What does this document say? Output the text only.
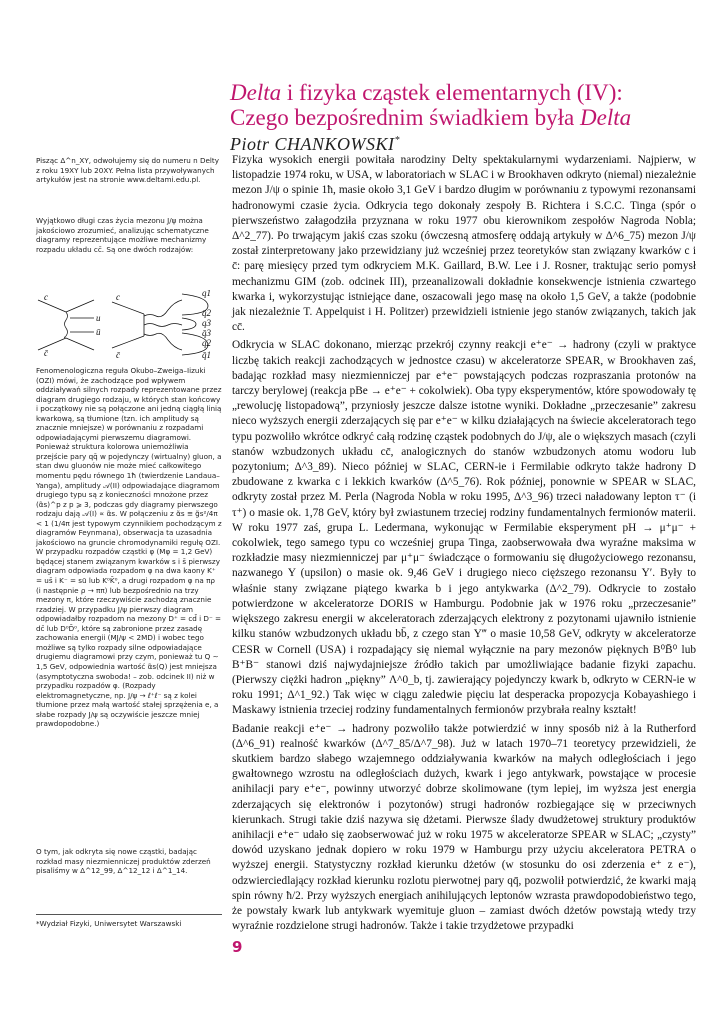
Delta i fizyka cząstek elementarnych (IV):
Czego bezpośrednim świadkiem była Delta
Piotr CHANKOWSKI*

Pisząc Δ^n_XY, odwołujemy się do numeru n Delty z roku 19XY lub 20XY. Pełna lista przywoływanych artykułów jest na stronie www.deltami.edu.pl.

Wyjątkowo długi czas życia mezonu J/ψ można jakościowo zrozumieć, analizując schematyczne diagramy reprezentujące możliwe mechanizmy rozpadu układu cc̄. Są one dwóch rodzajów:

c
c̄
u
ū
c
c̄
q1
q̄2
q3
q̄3
q2
q̄1

Fenomenologiczna reguła Okubo–Zweiga–Iizuki (OZI) mówi, że zachodzące pod wpływem oddziaływań silnych rozpady reprezentowane przez diagram drugiego rodzaju, w których stan końcowy i początkowy nie są połączone ani jedną ciągłą linią kwarkową, są tłumione (tzn. ich amplitudy są znacznie mniejsze) w porównaniu z rozpadami odpowiadającymi pierwszemu diagramowi. Ponieważ struktura kolorowa uniemożliwia przejście pary qq̄ w pojedynczy (wirtualny) gluon, a stan dwu gluonów nie może mieć całkowitego momentu pędu równego 1ħ (twierdzenie Landaua–Yanga), amplitudy 𝒜(II) odpowiadające diagramom drugiego typu są z konieczności mnożone przez (α̃s)^p z p ⩾ 3, podczas gdy diagramy pierwszego rodzaju dają 𝒜(I) ∝ α̃s. W połączeniu z α̃s ≡ g̃s²/4π < 1 (1/4π jest typowym czynnikiem pochodzącym z diagramów Feynmana), obserwacja ta uzasadnia jakościowo na gruncie chromodynamiki regułę OZI. W przypadku rozpadów cząstki φ (Mφ = 1,2 GeV) będącej stanem związanym kwarków s i s̄ pierwszy diagram odpowiada rozpadom φ na dwa kaony K⁺ = us̄ i K⁻ = sū lub K⁰K̄⁰, a drugi rozpadom φ na πρ (i następnie ρ → ππ) lub bezpośrednio na trzy mezony π, które rzeczywiście zachodzą znacznie rzadziej. W przypadku J/ψ pierwszy diagram odpowiadałby rozpadom na mezony D⁺ = cd̄ i D⁻ = dc̄ lub D⁰D̄⁰, które są zabronione przez zasadę zachowania energii (MJ/ψ < 2MD) i wobec tego możliwe są tylko rozpady silne odpowiadające drugiemu diagramowi przy czym, ponieważ tu Q ∼ 1,5 GeV, odpowiednia wartość α̃s(Q) jest mniejsza (asymptotyczna swoboda! – zob. odcinek II) niż w przypadku rozpadów φ. (Rozpady elektromagnetyczne, np. J/ψ → ℓ⁺ℓ⁻ są z kolei tłumione przez małą wartość stałej sprzężenia e, a słabe rozpady J/ψ są oczywiście jeszcze mniej prawdopodobne.)

O tym, jak odkryta się nowe cząstki, badając rozkład masy niezmienniczej produktów zderzeń pisaliśmy w Δ^12_99, Δ^12_12 i Δ^1_14.

*Wydział Fizyki, Uniwersytet Warszawski

Fizyka wysokich energii powitała narodziny Delty spektakularnymi wydarzeniami. Najpierw, w listopadzie 1974 roku, w USA, w laboratoriach w SLAC i w Brookhaven odkryto (niemal) niezależnie mezon J/ψ o spinie 1ħ, masie około 3,1 GeV i bardzo długim w porównaniu z typowymi rezonansami hadronowymi czasie życia. Odkrycia tego dokonały zespoły B. Richtera i S.C.C. Tinga (spór o pierwszeństwo załagodziła przyznana w roku 1977 obu kierownikom zespołów Nagroda Nobla; Δ^2_77). Po trwającym jakiś czas szoku (ówczesną atmosferę oddają artykuły w Δ^6_75) mezon J/ψ został zinterpretowany jako przewidziany już wcześniej przez teoretyków stan związany kwarków c i c̄: parę miesięcy przed tym odkryciem M.K. Gaillard, B.W. Lee i J. Rosner, traktując serio pomysł mechanizmu GIM (zob. odcinek III), przeanalizowali dokładnie konsekwencje istnienia czwartego kwarka i, wykorzystując istniejące dane, oszacowali jego masę na około 1,5 GeV, a także (podobnie jak niezależnie T. Appelquist i H. Politzer) przewidzieli istnienie jego stanów związanych, takich jak cc̄.

Odkrycia w SLAC dokonano, mierząc przekrój czynny reakcji e⁺e⁻ → hadrony (czyli w praktyce liczbę takich reakcji zachodzących w jednostce czasu) w akceleratorze SPEAR, w Brookhaven zaś, badając rozkład masy niezmienniczej par e⁺e⁻ powstających podczas rozpraszania protonów na tarczy berylowej (reakcja pBe → e⁺e⁻ + cokolwiek). Oba typy eksperymentów, które spowodowały tę „rewolucję listopadową”, przyniosły jeszcze dalsze istotne wyniki. Dokładne „przeczesanie” zakresu nieco wyższych energii zderzających się par e⁺e⁻ w kilku działających na świecie akceleratorach tego typu pozwoliło wkrótce odkryć całą rodzinę cząstek podobnych do J/ψ, ale o większych masach (czyli stanów wzbudzonych układu cc̄, analogicznych do stanów wzbudzonych atomu wodoru lub pozytonium; Δ^3_89). Nieco później w SLAC, CERN-ie i Fermilabie odkryto także hadrony D zbudowane z kwarka c i lekkich kwarków (Δ^5_76). Rok później, ponownie w SPEAR w SLAC, odkryty został przez M. Perla (Nagroda Nobla w roku 1995, Δ^3_96) trzeci naładowany lepton τ⁻ (i τ⁺) o masie ok. 1,78 GeV, który był zwiastunem trzeciej rodziny fundamentalnych fermionów materii. W roku 1977 zaś, grupa L. Ledermana, wykonując w Fermilabie eksperyment pH → μ⁺μ⁻ + cokolwiek, tego samego typu co wcześniej grupa Tinga, zaobserwowała dwa wyraźne maksima w rozkładzie masy niezmienniczej par μ⁺μ⁻ świadczące o formowaniu się długożyciowego rezonansu, nazwanego Υ (upsilon) o masie ok. 9,46 GeV i drugiego nieco cięższego rezonansu Υ′. Były to właśnie stany związane piątego kwarka b i jego antykwarka (Δ^2_79). Odkrycie to zostało potwierdzone w akceleratorze DORIS w Hamburgu. Podobnie jak w 1976 roku „przeczesanie” większego zakresu energii w akceleratorach zderzających elektrony z pozytonami ujawniło istnienie kilku stanów wzbudzonych układu bb̄, z czego stan Υ‴ o masie 10,58 GeV, odkryty w akceleratorze CESR w Cornell (USA) i rozpadający się niemal wyłącznie na pary mezonów pięknych B⁰B̄⁰ lub B⁺B⁻ stanowi dziś najwydajniejsze źródło takich par umożliwiające badanie fizyki zapachu. (Pierwszy ciężki hadron „piękny” Λ^0_b, tj. zawierający pojedynczy kwark b, odkryto w CERN-ie w roku 1991; Δ^1_92.) Tak więc w ciągu zaledwie pięciu lat desperacka propozycja Kobayashiego i Maskawy istnienia trzeciej rodziny fundamentalnych fermionów przybrała realny kształt!

Badanie reakcji e⁺e⁻ → hadrony pozwoliło także potwierdzić w inny sposób niż à la Rutherford (Δ^6_91) realność kwarków (Δ^7_85/Δ^7_98). Już w latach 1970–71 teoretycy przewidzieli, że skutkiem bardzo słabego wzajemnego oddziaływania kwarków na małych odległościach i jego gwałtownego wzrostu na odległościach dużych, kwark i jego antykwark, powstające w procesie anihilacji pary e⁺e⁻, powinny utworzyć dobrze skolimowane (tym lepiej, im wyższa jest energia zderzających się elektronów i pozytonów) strugi hadronów rozbiegające się w przeciwnych kierunkach. Strugi takie dziś nazywa się dżetami. Pierwsze ślady dwudżetowej struktury produktów anihilacji e⁺e⁻ udało się zaobserwować już w roku 1975 w akceleratorze SPEAR w SLAC; „czysty” dowód uzyskano jednak dopiero w roku 1979 w Hamburgu przy użyciu akceleratora PETRA o wyższej energii. Statystyczny rozkład kierunku dżetów (w stosunku do osi zderzenia e⁺ z e⁻), odzwierciedlający rozkład kierunku rozlotu pierwotnej pary qq̄, pozwolił potwierdzić, że kwarki mają spin równy ħ/2. Przy wyższych energiach anihilujących leptonów wzrasta prawdopodobieństwo tego, że powstały kwark lub antykwark wyemituje gluon – zamiast dwóch dżetów powstają wtedy trzy wyraźnie rozdzielone strugi hadronów. Także i takie trzydżetowe przypadki

9
